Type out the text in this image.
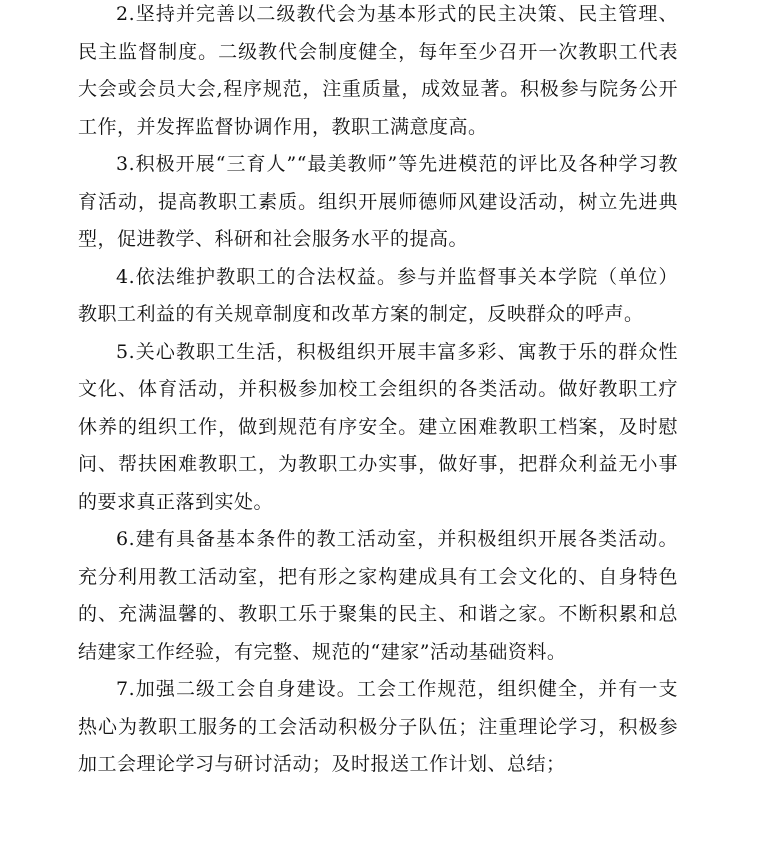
2.坚持并完善以二级教代会为基本形式的民主决策、民主管理、民主监督制度。二级教代会制度健全，每年至少召开一次教职工代表大会或会员大会,程序规范，注重质量，成效显著。积极参与院务公开工作，并发挥监督协调作用，教职工满意度高。

3.积极开展“三育人”“最美教师”等先进模范的评比及各种学习教育活动，提高教职工素质。组织开展师德师风建设活动，树立先进典型，促进教学、科研和社会服务水平的提高。

4.依法维护教职工的合法权益。参与并监督事关本学院（单位）教职工利益的有关规章制度和改革方案的制定，反映群众的呼声。

5.关心教职工生活，积极组织开展丰富多彩、寓教于乐的群众性文化、体育活动，并积极参加校工会组织的各类活动。做好教职工疗休养的组织工作，做到规范有序安全。建立困难教职工档案，及时慰问、帮扶困难教职工，为教职工办实事，做好事，把群众利益无小事的要求真正落到实处。

6.建有具备基本条件的教工活动室，并积极组织开展各类活动。充分利用教工活动室，把有形之家构建成具有工会文化的、自身特色的、充满温馨的、教职工乐于聚集的民主、和谐之家。不断积累和总结建家工作经验，有完整、规范的“建家”活动基础资料。

7.加强二级工会自身建设。工会工作规范，组织健全，并有一支热心为教职工服务的工会活动积极分子队伍；注重理论学习，积极参加工会理论学习与研讨活动；及时报送工作计划、总结；
